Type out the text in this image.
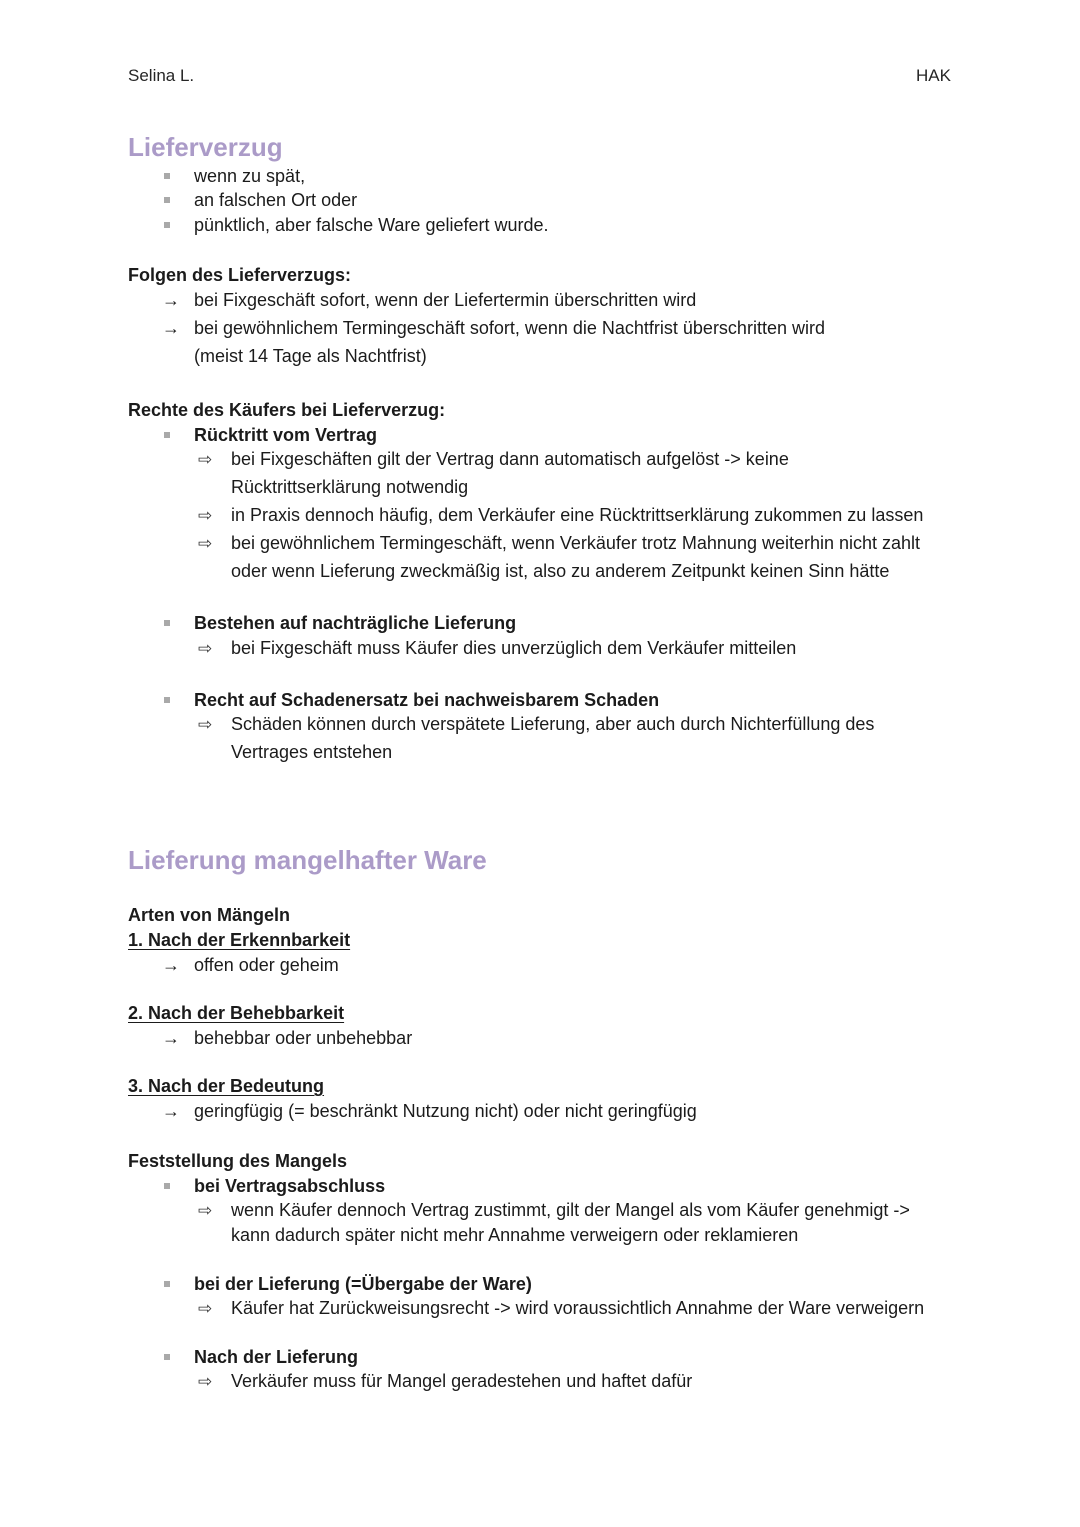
Selina L.	HAK
Lieferverzug
wenn zu spät,
an falschen Ort oder
pünktlich, aber falsche Ware geliefert wurde.
Folgen des Lieferverzugs:
→ bei Fixgeschäft sofort, wenn der Liefertermin überschritten wird
→ bei gewöhnlichem Termingeschäft sofort, wenn die Nachtfrist überschritten wird
(meist 14 Tage als Nachtfrist)
Rechte des Käufers bei Lieferverzug:
Rücktritt vom Vertrag
⇨ bei Fixgeschäften gilt der Vertrag dann automatisch aufgelöst -> keine
Rücktrittserklärung notwendig
⇨ in Praxis dennoch häufig, dem Verkäufer eine Rücktrittserklärung zukommen zu lassen
⇨ bei gewöhnlichem Termingeschäft, wenn Verkäufer trotz Mahnung weiterhin nicht zahlt
oder wenn Lieferung zweckmäßig ist, also zu anderem Zeitpunkt keinen Sinn hätte
Bestehen auf nachträgliche Lieferung
⇨ bei Fixgeschäft muss Käufer dies unverzüglich dem Verkäufer mitteilen
Recht auf Schadenersatz bei nachweisbarem Schaden
⇨ Schäden können durch verspätete Lieferung, aber auch durch Nichterfüllung des
Vertrages entstehen
Lieferung mangelhafter Ware
Arten von Mängeln
1. Nach der Erkennbarkeit
→ offen oder geheim
2. Nach der Behebbarkeit
→ behebbar oder unbehebbar
3. Nach der Bedeutung
→ geringfügig (= beschränkt Nutzung nicht) oder nicht geringfügig
Feststellung des Mangels
bei Vertragsabschluss
⇨ wenn Käufer dennoch Vertrag zustimmt, gilt der Mangel als vom Käufer genehmigt ->
kann dadurch später nicht mehr Annahme verweigern oder reklamieren
bei der Lieferung (=Übergabe der Ware)
⇨ Käufer hat Zurückweisungsrecht -> wird voraussichtlich Annahme der Ware verweigern
Nach der Lieferung
⇨ Verkäufer muss für Mangel geradestehen und haftet dafür
